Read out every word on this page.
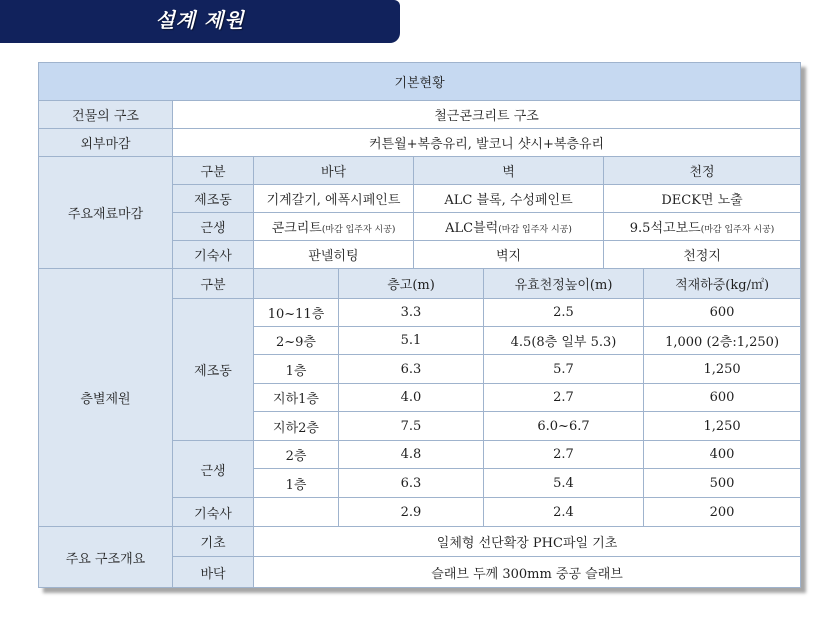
설계 제원
기본현황							
건물의 구조	철근콘크리트 구조						
외부마감	커튼월+복층유리, 발코니 샷시+복층유리						
주요재료마감	구분	바닥		벽		천정	
	제조동	기계갈기, 에폭시페인트		ALC 블록, 수성페인트		DECK면 노출	
	근생	콘크리트(마감 입주자 시공)		ALC블럭(마감 입주자 시공)		9.5석고보드(마감 입주자 시공)	
	기숙사	판넬히팅		벽지		천정지	
층별제원	구분		층고(m)		유효천정높이(m)		적재하중(kg/㎡)
	제조동	10~11층	3.3		2.5		600
		2~9층	5.1		4.5(8층 일부 5.3)		1,000 (2층:1,250)
		1층	6.3		5.7		1,250
		지하1층	4.0		2.7		600
		지하2층	7.5		6.0~6.7		1,250
	근생	2층	4.8		2.7		400
		1층	6.3		5.4		500
	기숙사		2.9		2.4		200
주요 구조개요	기초	일체형 선단확장 PHC파일 기초					
	바닥	슬래브 두께 300mm 중공 슬래브					
